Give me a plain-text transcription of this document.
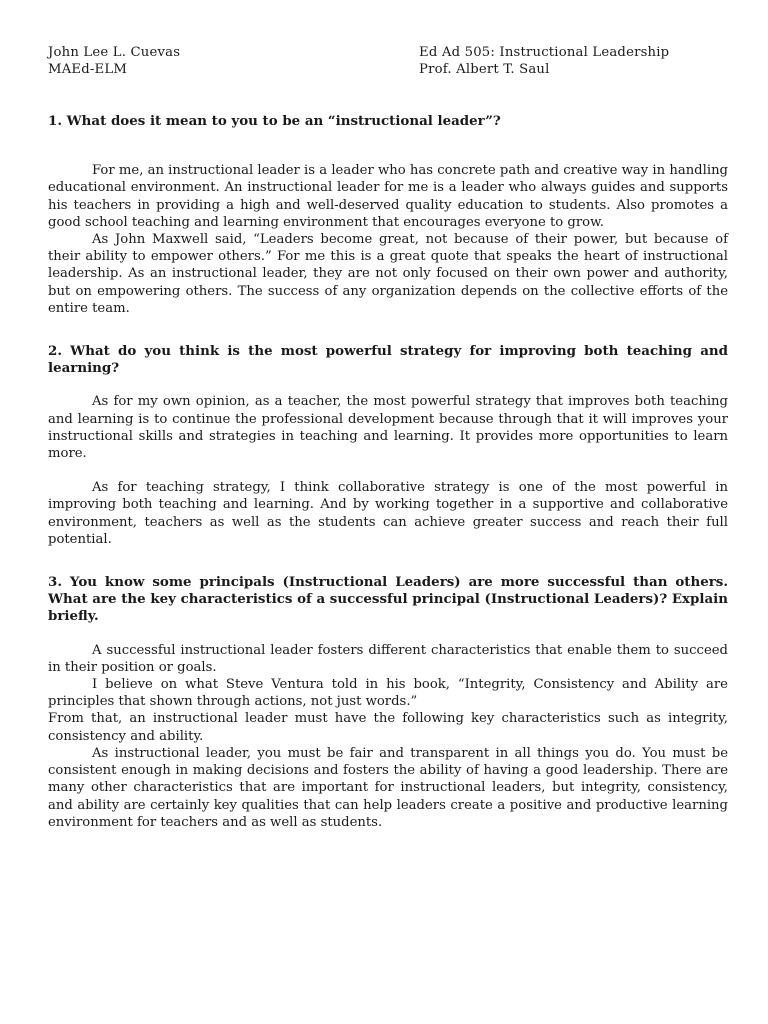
John Lee L. Cuevas
MAEd-ELM
Ed Ad 505: Instructional Leadership
Prof. Albert T. Saul

1. What does it mean to you to be an “instructional leader”?

For me, an instructional leader is a leader who has concrete path and creative way in handling educational environment. An instructional leader for me is a leader who always guides and supports his teachers in providing a high and well-deserved quality education to students. Also promotes a good school teaching and learning environment that encourages everyone to grow.

As John Maxwell said, “Leaders become great, not because of their power, but because of their ability to empower others.” For me this is a great quote that speaks the heart of instructional leadership. As an instructional leader, they are not only focused on their own power and authority, but on empowering others. The success of any organization depends on the collective efforts of the entire team.

2. What do you think is the most powerful strategy for improving both teaching and learning?

As for my own opinion, as a teacher, the most powerful strategy that improves both teaching and learning is to continue the professional development because through that it will improves your instructional skills and strategies in teaching and learning. It provides more opportunities to learn more.

As for teaching strategy, I think collaborative strategy is one of the most powerful in improving both teaching and learning. And by working together in a supportive and collaborative environment, teachers as well as the students can achieve greater success and reach their full potential.

3. You know some principals (Instructional Leaders) are more successful than others. What are the key characteristics of a successful principal (Instructional Leaders)? Explain briefly.

A successful instructional leader fosters different characteristics that enable them to succeed in their position or goals.

I believe on what Steve Ventura told in his book, “Integrity, Consistency and Ability are principles that shown through actions, not just words.”

From that, an instructional leader must have the following key characteristics such as integrity, consistency and ability.

As instructional leader, you must be fair and transparent in all things you do. You must be consistent enough in making decisions and fosters the ability of having a good leadership. There are many other characteristics that are important for instructional leaders, but integrity, consistency, and ability are certainly key qualities that can help leaders create a positive and productive learning environment for teachers and as well as students.
